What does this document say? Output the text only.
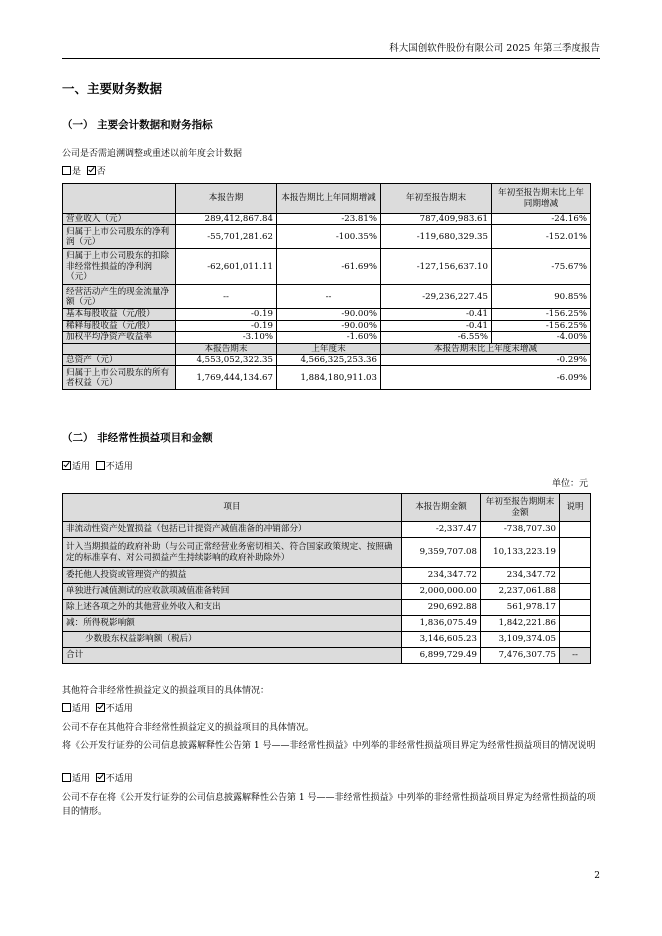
科大国创软件股份有限公司 2025 年第三季度报告
一、主要财务数据
（一） 主要会计数据和财务指标
公司是否需追溯调整或重述以前年度会计数据
是 否
	本报告期	本报告期比上年同期增减	年初至报告期末	年初至报告期末比上年同期增减
营业收入（元）	289,412,867.84	-23.81%	787,409,983.61	-24.16%
归属于上市公司股东的净利润（元）	-55,701,281.62	-100.35%	-119,680,329.35	-152.01%
归属于上市公司股东的扣除非经常性损益的净利润（元）	-62,601,011.11	-61.69%	-127,156,637.10	-75.67%
经营活动产生的现金流量净额（元）	--	--	-29,236,227.45	90.85%
基本每股收益（元/股）	-0.19	-90.00%	-0.41	-156.25%
稀释每股收益（元/股）	-0.19	-90.00%	-0.41	-156.25%
加权平均净资产收益率	-3.10%	-1.60%	-6.55%	-4.00%
	本报告期末	上年度末	本报告期末比上年度末增减	
总资产（元）	4,553,052,322.35	4,566,325,253.36	-0.29%	
归属于上市公司股东的所有者权益（元）	1,769,444,134.67	1,884,180,911.03	-6.09%	
（二） 非经常性损益项目和金额
适用 不适用
单位：元
项目	本报告期金额	年初至报告期期末金额	说明
非流动性资产处置损益（包括已计提资产减值准备的冲销部分）	-2,337.47	-738,707.30	
计入当期损益的政府补助（与公司正常经营业务密切相关、符合国家政策规定、按照确定的标准享有、对公司损益产生持续影响的政府补助除外）	9,359,707.08	10,133,223.19	
委托他人投资或管理资产的损益	234,347.72	234,347.72	
单独进行减值测试的应收款项减值准备转回	2,000,000.00	2,237,061.88	
除上述各项之外的其他营业外收入和支出	290,692.88	561,978.17	
减：所得税影响额	1,836,075.49	1,842,221.86	
少数股东权益影响额（税后）	3,146,605.23	3,109,374.05	
合计	6,899,729.49	7,476,307.75	--
其他符合非经常性损益定义的损益项目的具体情况：
适用 不适用
公司不存在其他符合非经常性损益定义的损益项目的具体情况。
将《公开发行证券的公司信息披露解释性公告第 1 号——非经常性损益》中列举的非经常性损益项目界定为经常性损益项目的情况说明
适用 不适用
公司不存在将《公开发行证券的公司信息披露解释性公告第 1 号——非经常性损益》中列举的非经常性损益项目界定为经常性损益的项目的情形。
2
